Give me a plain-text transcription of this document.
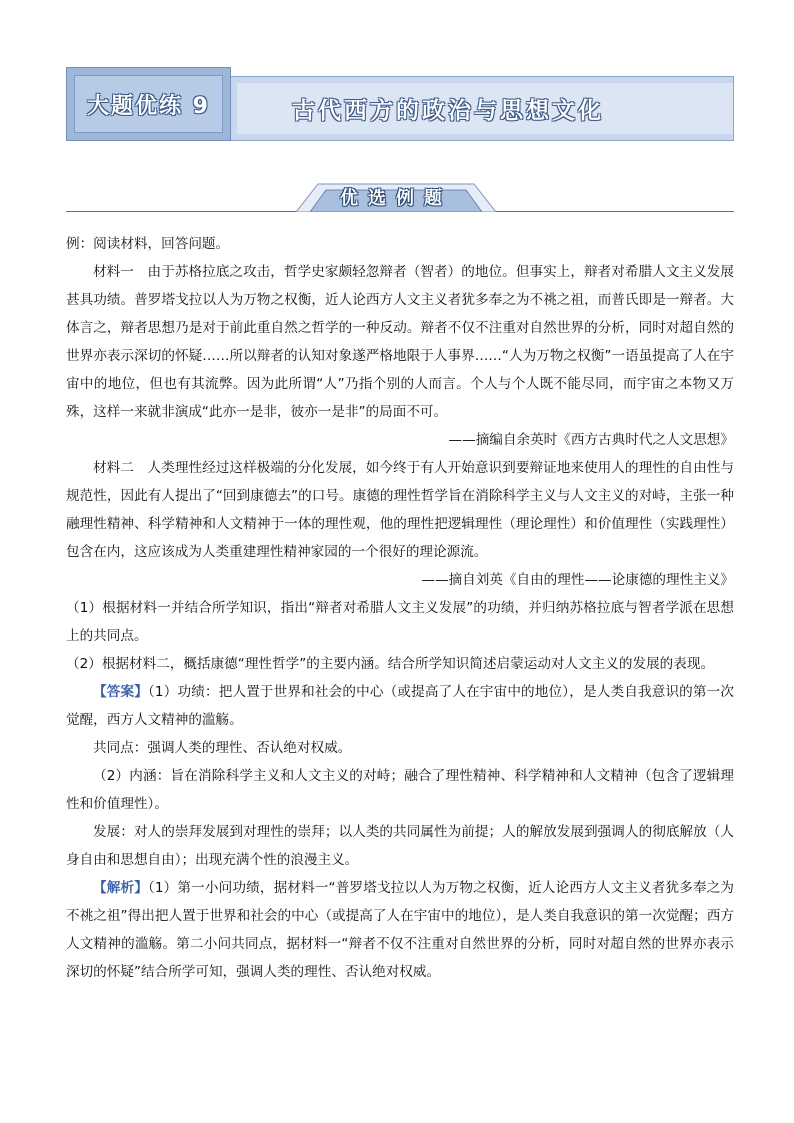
大题优练 9	古代西方的政治与思想文化
优选例题

例：阅读材料，回答问题。

材料一　由于苏格拉底之攻击，哲学史家颇轻忽辩者（智者）的地位。但事实上，辩者对希腊人文主义发展甚具功绩。普罗塔戈拉以人为万物之权衡，近人论西方人文主义者犹多奉之为不祧之祖，而普氏即是一辩者。大体言之，辩者思想乃是对于前此重自然之哲学的一种反动。辩者不仅不注重对自然世界的分析，同时对超自然的世界亦表示深切的怀疑……所以辩者的认知对象遂严格地限于人事界……“人为万物之权衡”一语虽提高了人在宇宙中的地位，但也有其流弊。因为此所谓“人”乃指个别的人而言。个人与个人既不能尽同，而宇宙之本物又万殊，这样一来就非演成“此亦一是非，彼亦一是非”的局面不可。

——摘编自余英时《西方古典时代之人文思想》

材料二　人类理性经过这样极端的分化发展，如今终于有人开始意识到要辩证地来使用人的理性的自由性与规范性，因此有人提出了“回到康德去”的口号。康德的理性哲学旨在消除科学主义与人文主义的对峙，主张一种融理性精神、科学精神和人文精神于一体的理性观，他的理性把逻辑理性（理论理性）和价值理性（实践理性）包含在内，这应该成为人类重建理性精神家园的一个很好的理论源流。

——摘自刘英《自由的理性——论康德的理性主义》

（1）根据材料一并结合所学知识，指出“辩者对希腊人文主义发展”的功绩，并归纳苏格拉底与智者学派在思想上的共同点。

（2）根据材料二，概括康德“理性哲学”的主要内涵。结合所学知识简述启蒙运动对人文主义的发展的表现。

【答案】（1）功绩：把人置于世界和社会的中心（或提高了人在宇宙中的地位），是人类自我意识的第一次觉醒，西方人文精神的滥觞。

共同点：强调人类的理性、否认绝对权威。

（2）内涵：旨在消除科学主义和人文主义的对峙；融合了理性精神、科学精神和人文精神（包含了逻辑理性和价值理性）。

发展：对人的崇拜发展到对理性的崇拜；以人类的共同属性为前提；人的解放发展到强调人的彻底解放（人身自由和思想自由）；出现充满个性的浪漫主义。

【解析】（1）第一小问功绩，据材料一“普罗塔戈拉以人为万物之权衡，近人论西方人文主义者犹多奉之为不祧之祖”得出把人置于世界和社会的中心（或提高了人在宇宙中的地位），是人类自我意识的第一次觉醒；西方人文精神的滥觞。第二小问共同点，据材料一“辩者不仅不注重对自然世界的分析，同时对超自然的世界亦表示深切的怀疑”结合所学可知，强调人类的理性、否认绝对权威。
